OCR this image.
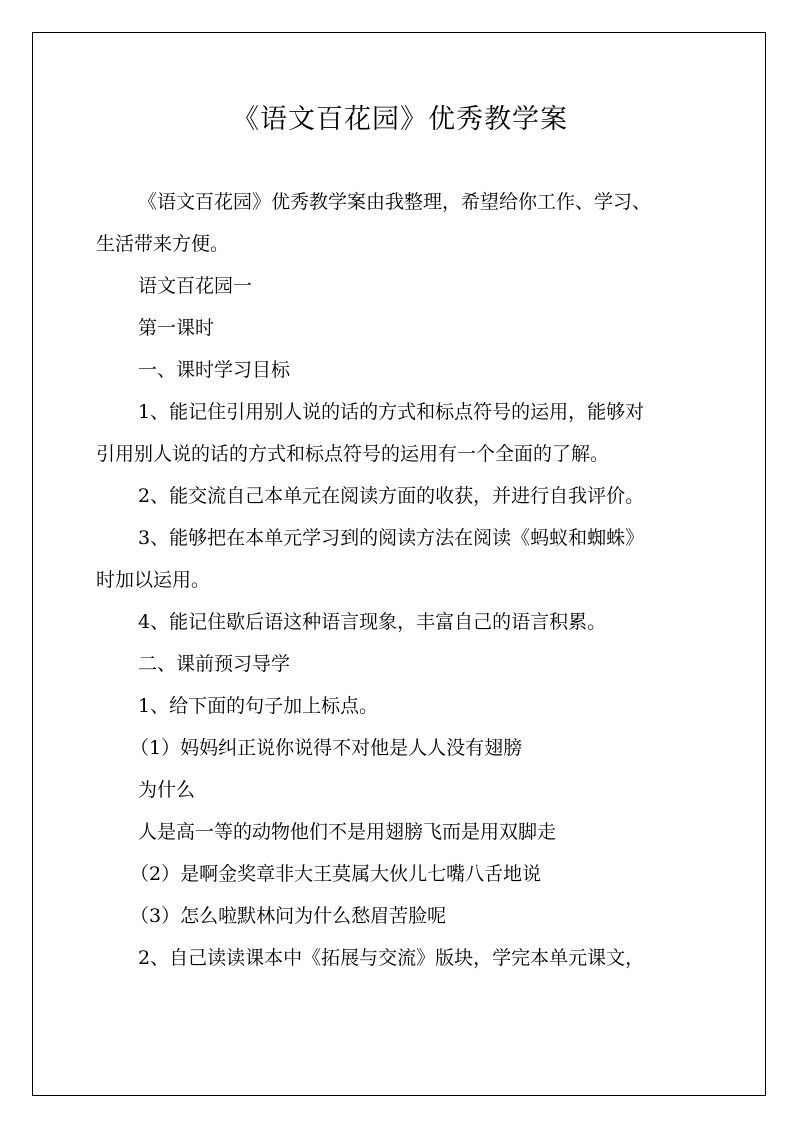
《语文百花园》优秀教学案

《语文百花园》优秀教学案由我整理，希望给你工作、学习、

生活带来方便。

语文百花园一

第一课时

一、课时学习目标

1、能记住引用别人说的话的方式和标点符号的运用，能够对

引用别人说的话的方式和标点符号的运用有一个全面的了解。

2、能交流自己本单元在阅读方面的收获，并进行自我评价。

3、能够把在本单元学习到的阅读方法在阅读《蚂蚁和蜘蛛》

时加以运用。

4、能记住歇后语这种语言现象，丰富自己的语言积累。

二、课前预习导学

1、给下面的句子加上标点。

（1）妈妈纠正说你说得不对他是人人没有翅膀

为什么

人是高一等的动物他们不是用翅膀飞而是用双脚走

（2）是啊金奖章非大王莫属大伙儿七嘴八舌地说

（3）怎么啦默林问为什么愁眉苦脸呢

2、自己读读课本中《拓展与交流》版块，学完本单元课文，
